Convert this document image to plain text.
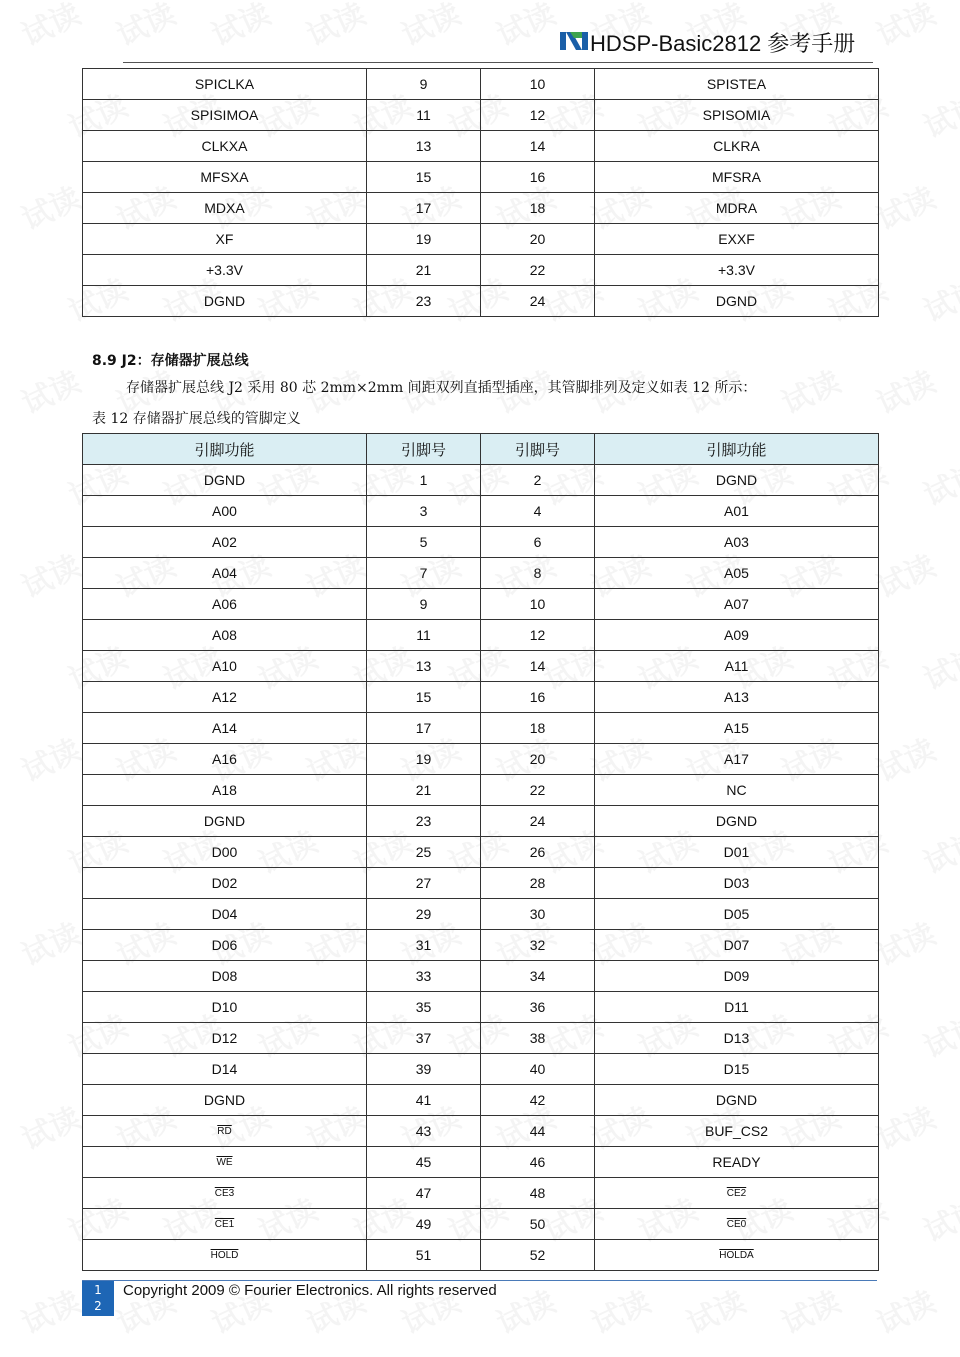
HDSP-Basic2812 参考手册
SPICLKA	9	10	SPISTEA
SPISIMOA	11	12	SPISOMIA
CLKXA	13	14	CLKRA
MFSXA	15	16	MFSRA
MDXA	17	18	MDRA
XF	19	20	EXXF
+3.3V	21	22	+3.3V
DGND	23	24	DGND
8.9 J2：存储器扩展总线
存储器扩展总线 J2 采用 80 芯 2mm×2mm 间距双列直插型插座，其管脚排列及定义如表 12 所示：
表 12 存储器扩展总线的管脚定义
引脚功能	引脚号	引脚号	引脚功能
DGND	1	2	DGND
A00	3	4	A01
A02	5	6	A03
A04	7	8	A05
A06	9	10	A07
A08	11	12	A09
A10	13	14	A11
A12	15	16	A13
A14	17	18	A15
A16	19	20	A17
A18	21	22	NC
DGND	23	24	DGND
D00	25	26	D01
D02	27	28	D03
D04	29	30	D05
D06	31	32	D07
D08	33	34	D09
D10	35	36	D11
D12	37	38	D13
D14	39	40	D15
DGND	41	42	DGND
$\overline{RD}$	43	44	BUF_CS2
$\overline{WE}$	45	46	READY
CE3	47	48	CE2
CE1	49	50	CE0
HOLD	51	52	HOLDA
1
2
Copyright 2009 © Fourier Electronics. All rights reserved
